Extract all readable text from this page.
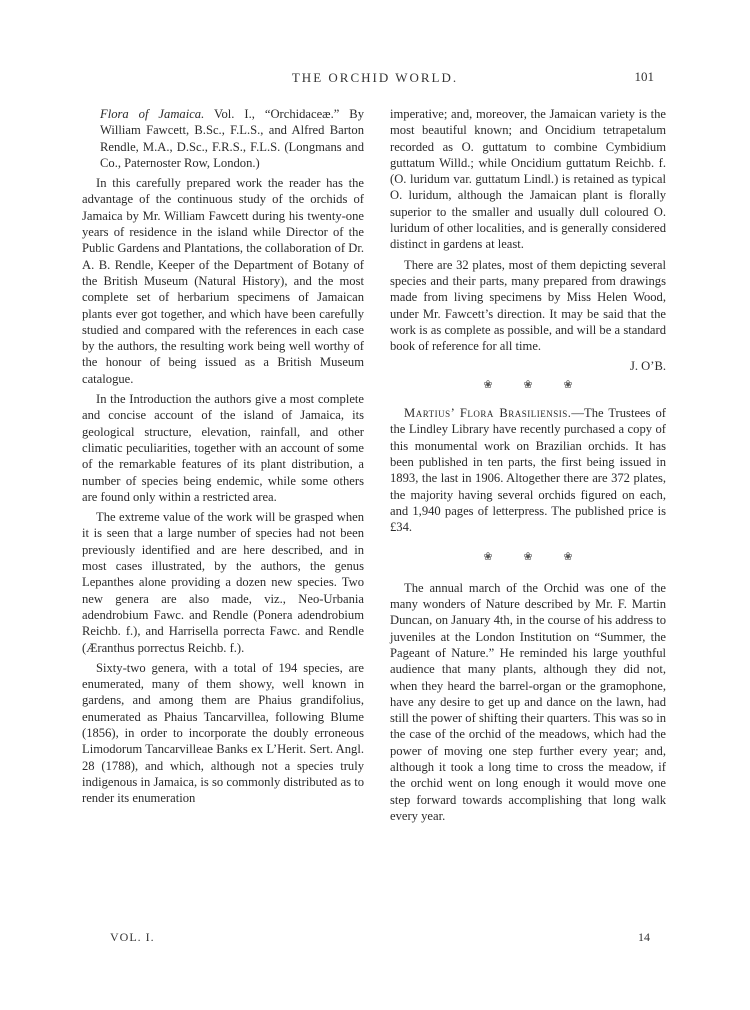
THE ORCHID WORLD.	101

Flora of Jamaica. Vol. I., “Orchidaceæ.” By William Fawcett, B.Sc., F.L.S., and Alfred Barton Rendle, M.A., D.Sc., F.R.S., F.L.S. (Longmans and Co., Paternoster Row, London.)

In this carefully prepared work the reader has the advantage of the continuous study of the orchids of Jamaica by Mr. William Fawcett during his twenty-one years of residence in the island while Director of the Public Gardens and Plantations, the collaboration of Dr. A. B. Rendle, Keeper of the Department of Botany of the British Museum (Natural History), and the most complete set of herbarium specimens of Jamaican plants ever got together, and which have been carefully studied and compared with the references in each case by the authors, the resulting work being well worthy of the honour of being issued as a British Museum catalogue.

In the Introduction the authors give a most complete and concise account of the island of Jamaica, its geological structure, elevation, rainfall, and other climatic peculiarities, together with an account of some of the remarkable features of its plant distribution, a number of species being endemic, while some others are found only within a restricted area.

The extreme value of the work will be grasped when it is seen that a large number of species had not been previously identified and are here described, and in most cases illustrated, by the authors, the genus Lepanthes alone providing a dozen new species. Two new genera are also made, viz., Neo-Urbania adendrobium Fawc. and Rendle (Ponera adendrobium Reichb. f.), and Harrisella porrecta Fawc. and Rendle (Æranthus porrectus Reichb. f.).

Sixty-two genera, with a total of 194 species, are enumerated, many of them showy, well known in gardens, and among them are Phaius grandifolius, enumerated as Phaius Tancarvillea, following Blume (1856), in order to incorporate the doubly erroneous Limodorum Tancarvilleae Banks ex L’Herit. Sert. Angl. 28 (1788), and which, although not a species truly indigenous in Jamaica, is so commonly distributed as to render its enumeration

imperative; and, moreover, the Jamaican variety is the most beautiful known; and Oncidium tetrapetalum recorded as O. guttatum to combine Cymbidium guttatum Willd.; while Oncidium guttatum Reichb. f. (O. luridum var. guttatum Lindl.) is retained as typical O. luridum, although the Jamaican plant is florally superior to the smaller and usually dull coloured O. luridum of other localities, and is generally considered distinct in gardens at least.

There are 32 plates, most of them depicting several species and their parts, many prepared from drawings made from living specimens by Miss Helen Wood, under Mr. Fawcett’s direction. It may be said that the work is as complete as possible, and will be a standard book of reference for all time.

J. O’B.
❀ ❀ ❀

Martius’ Flora Brasiliensis.—The Trustees of the Lindley Library have recently purchased a copy of this monumental work on Brazilian orchids. It has been published in ten parts, the first being issued in 1893, the last in 1906. Altogether there are 372 plates, the majority having several orchids figured on each, and 1,940 pages of letterpress. The published price is £34.

❀ ❀ ❀

The annual march of the Orchid was one of the many wonders of Nature described by Mr. F. Martin Duncan, on January 4th, in the course of his address to juveniles at the London Institution on “Summer, the Pageant of Nature.” He reminded his large youthful audience that many plants, although they did not, when they heard the barrel-organ or the gramophone, have any desire to get up and dance on the lawn, had still the power of shifting their quarters. This was so in the case of the orchid of the meadows, which had the power of moving one step further every year; and, although it took a long time to cross the meadow, if the orchid went on long enough it would move one step forward towards accomplishing that long walk every year.

VOL. I.	14
